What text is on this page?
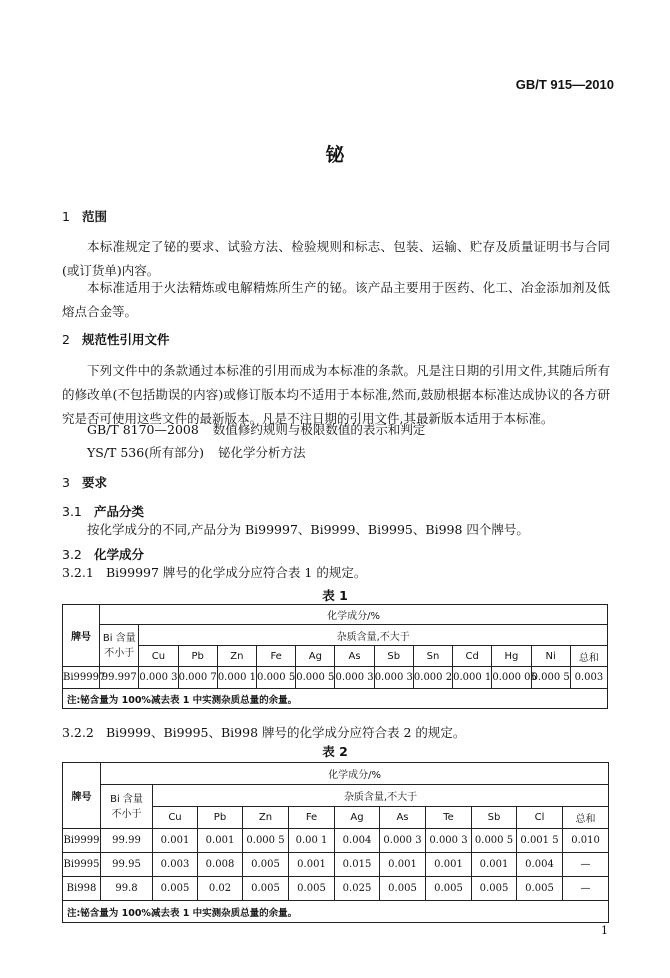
GB/T 915—2010
铋
1 范围

本标准规定了铋的要求、试验方法、检验规则和标志、包装、运输、贮存及质量证明书与合同(或订货单)内容。

本标准适用于火法精炼或电解精炼所生产的铋。该产品主要用于医药、化工、冶金添加剂及低熔点合金等。

2 规范性引用文件

下列文件中的条款通过本标准的引用而成为本标准的条款。凡是注日期的引用文件,其随后所有的修改单(不包括勘误的内容)或修订版本均不适用于本标准,然而,鼓励根据本标准达成协议的各方研究是否可使用这些文件的最新版本。凡是不注日期的引用文件,其最新版本适用于本标准。

GB/T 8170—2008 数值修约规则与极限数值的表示和判定
YS/T 536(所有部分) 铋化学分析方法
3 要求
3.1 产品分类

按化学成分的不同,产品分为 Bi99997、Bi9999、Bi9995、Bi998 四个牌号。

3.2 化学成分
3.2.1 Bi99997 牌号的化学成分应符合表 1 的规定。
表 1
牌号	化学成分/%												

	Bi 含量
不小于	杂质含量,不大于											
		Cu	Pb	Zn	Fe	Ag	As	Sb	Sn	Cd	Hg	Ni	总和
Bi99997	99.997	0.000 3	0.000 7	0.000 1	0.000 5	0.000 5	0.000 3	0.000 3	0.000 2	0.000 1	0.000 05	0.000 5	0.003
注:铋含量为 100%减去表 1 中实测杂质总量的余量。													
3.2.2 Bi9999、Bi9995、Bi998 牌号的化学成分应符合表 2 的规定。
表 2
牌号	化学成分/%										

	Bi 含量
不小于	杂质含量,不大于									
		Cu	Pb	Zn	Fe	Ag	As	Te	Sb	Cl	总和
Bi9999	99.99	0.001	0.001	0.000 5	0.00 1	0.004	0.000 3	0.000 3	0.000 5	0.001 5	0.010
Bi9995	99.95	0.003	0.008	0.005	0.001	0.015	0.001	0.001	0.001	0.004	—
Bi998	99.8	0.005	0.02	0.005	0.005	0.025	0.005	0.005	0.005	0.005	—
注:铋含量为 100%减去表 1 中实测杂质总量的余量。											
1
